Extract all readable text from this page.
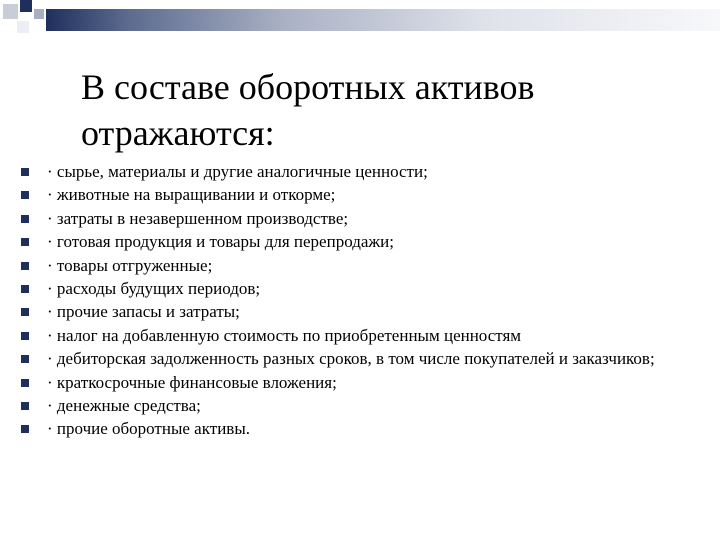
В составе оборотных активов отражаются:
· сырье, материалы и другие аналогичные ценности;
· животные на выращивании и откорме;
· затраты в незавершенном производстве;
· готовая продукция и товары для перепродажи;
· товары отгруженные;
· расходы будущих периодов;
· прочие запасы и затраты;
· налог на добавленную стоимость по приобретенным ценностям
· дебиторская задолженность разных сроков, в том числе покупателей и заказчиков;
· краткосрочные финансовые вложения;
· денежные средства;
· прочие оборотные активы.
